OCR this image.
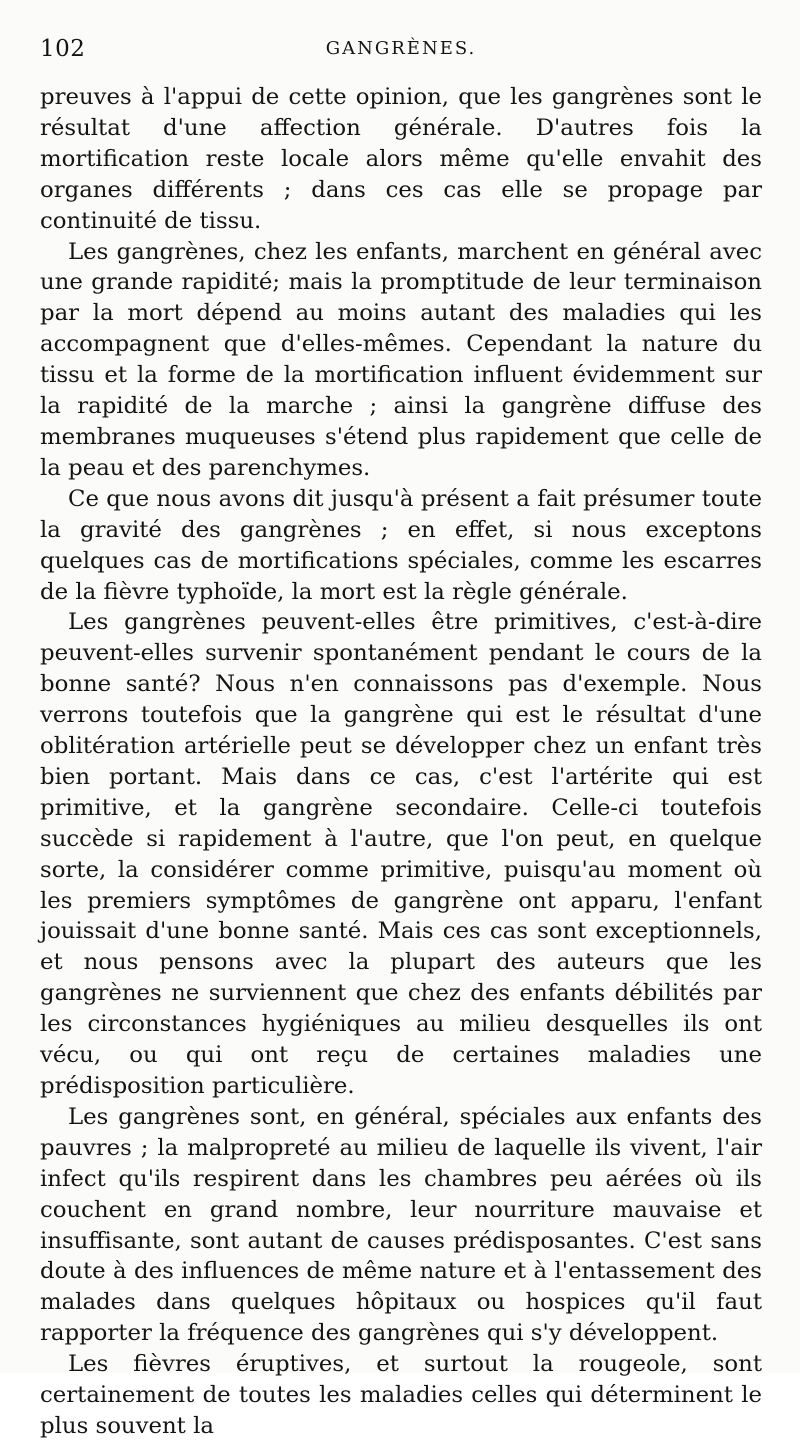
102	GANGRÈNES.

preuves à l'appui de cette opinion, que les gangrènes sont le résultat d'une affection générale. D'autres fois la mortification reste locale alors même qu'elle envahit des organes différents ; dans ces cas elle se propage par continuité de tissu.

Les gangrènes, chez les enfants, marchent en général avec une grande rapidité; mais la promptitude de leur terminaison par la mort dépend au moins autant des maladies qui les accompagnent que d'elles-mêmes. Cependant la nature du tissu et la forme de la mortification influent évidemment sur la rapidité de la marche ; ainsi la gangrène diffuse des membranes muqueuses s'étend plus rapidement que celle de la peau et des parenchymes.

Ce que nous avons dit jusqu'à présent a fait présumer toute la gravité des gangrènes ; en effet, si nous exceptons quelques cas de mortifications spéciales, comme les escarres de la fièvre typhoïde, la mort est la règle générale.

Les gangrènes peuvent-elles être primitives, c'est-à-dire peuvent-elles survenir spontanément pendant le cours de la bonne santé? Nous n'en connaissons pas d'exemple. Nous verrons toutefois que la gangrène qui est le résultat d'une oblitération artérielle peut se développer chez un enfant très bien portant. Mais dans ce cas, c'est l'artérite qui est primitive, et la gangrène secondaire. Celle-ci toutefois succède si rapidement à l'autre, que l'on peut, en quelque sorte, la considérer comme primitive, puisqu'au moment où les premiers symptômes de gangrène ont apparu, l'enfant jouissait d'une bonne santé. Mais ces cas sont exceptionnels, et nous pensons avec la plupart des auteurs que les gangrènes ne surviennent que chez des enfants débilités par les circonstances hygiéniques au milieu desquelles ils ont vécu, ou qui ont reçu de certaines maladies une prédisposition particulière.

Les gangrènes sont, en général, spéciales aux enfants des pauvres ; la malpropreté au milieu de laquelle ils vivent, l'air infect qu'ils respirent dans les chambres peu aérées où ils couchent en grand nombre, leur nourriture mauvaise et insuffisante, sont autant de causes prédisposantes. C'est sans doute à des influences de même nature et à l'entassement des malades dans quelques hôpitaux ou hospices qu'il faut rapporter la fréquence des gangrènes qui s'y développent.

Les fièvres éruptives, et surtout la rougeole, sont certainement de toutes les maladies celles qui déterminent le plus souvent la
